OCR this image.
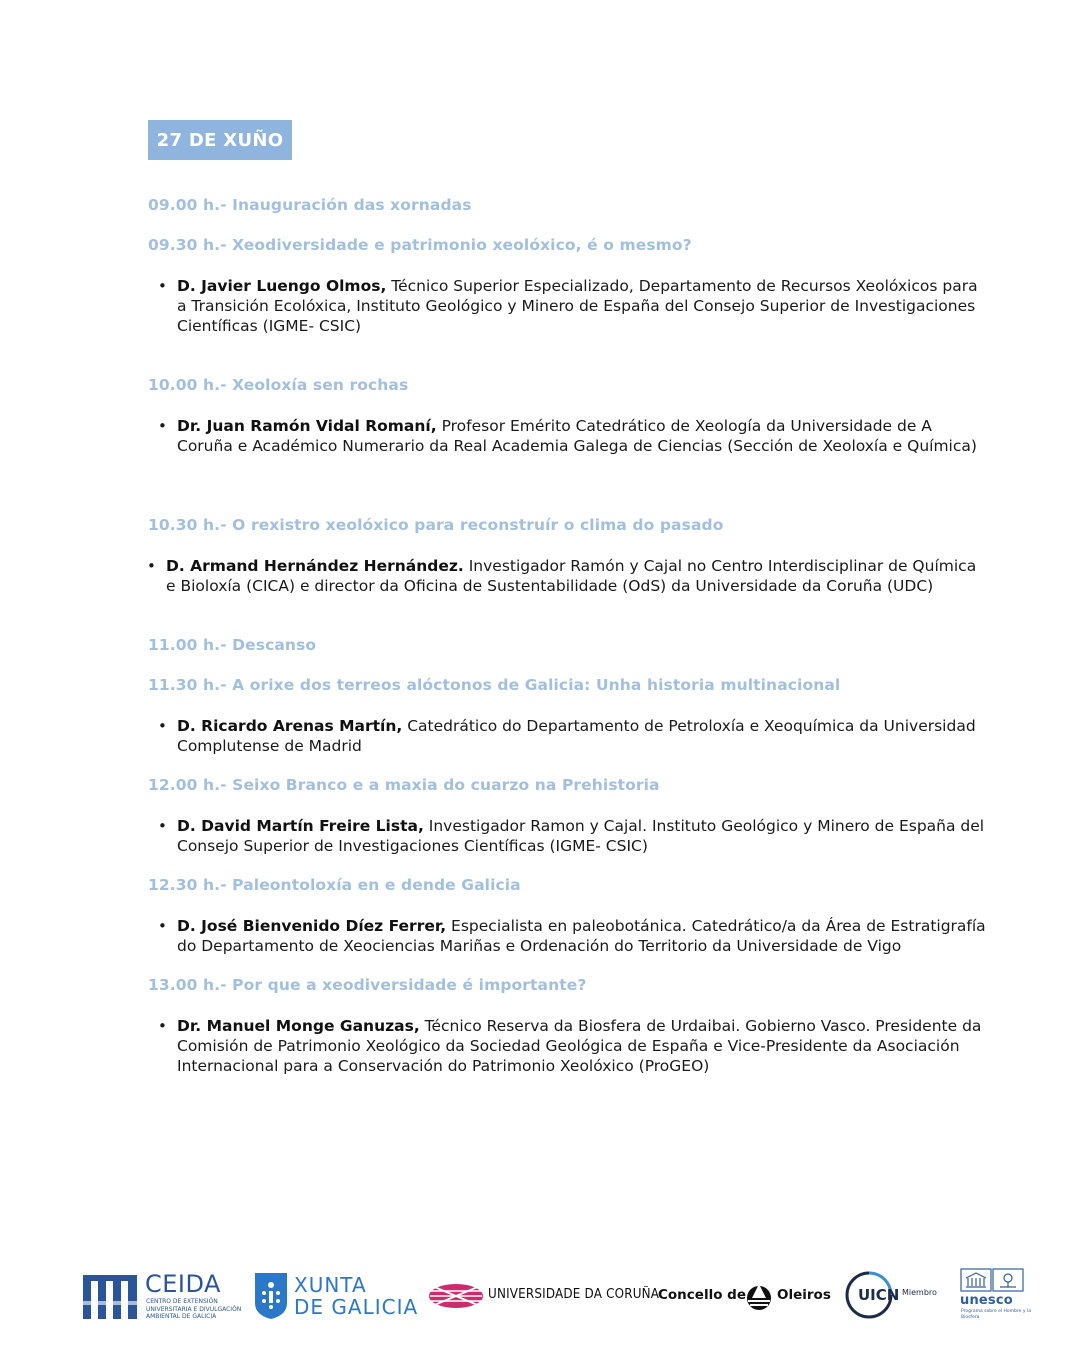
27 DE XUÑO
09.00 h.- Inauguración das xornadas
09.30 h.- Xeodiversidade e patrimonio xeolóxico, é o mesmo?
• D. Javier Luengo Olmos, Técnico Superior Especializado, Departamento de Recursos Xeolóxicos para a Transición Ecolóxica, Instituto Geológico y Minero de España del Consejo Superior de Investigaciones Científicas (IGME- CSIC)
10.00 h.- Xeoloxía sen rochas
• Dr. Juan Ramón Vidal Romaní, Profesor Emérito Catedrático de Xeología da Universidade de A Coruña e Académico Numerario da Real Academia Galega de Ciencias (Sección de Xeoloxía e Química)
10.30 h.- O rexistro xeolóxico para reconstruír o clima do pasado
• D. Armand Hernández Hernández. Investigador Ramón y Cajal no Centro Interdisciplinar de Química e Bioloxía (CICA) e director da Oficina de Sustentabilidade (OdS) da Universidade da Coruña (UDC)
11.00 h.- Descanso
11.30 h.- A orixe dos terreos alóctonos de Galicia: Unha historia multinacional
• D. Ricardo Arenas Martín, Catedrático do Departamento de Petroloxía e Xeoquímica da Universidad Complutense de Madrid
12.00 h.- Seixo Branco e a maxia do cuarzo na Prehistoria
• D. David Martín Freire Lista, Investigador Ramon y Cajal. Instituto Geológico y Minero de España del Consejo Superior de Investigaciones Científicas (IGME- CSIC)
12.30 h.- Paleontoloxía en e dende Galicia
• D. José Bienvenido Díez Ferrer, Especialista en paleobotánica. Catedrático/a da Área de Estratigrafía do Departamento de Xeociencias Mariñas e Ordenación do Territorio da Universidade de Vigo
13.00 h.- Por que a xeodiversidade é importante?
• Dr. Manuel Monge Ganuzas, Técnico Reserva da Biosfera de Urdaibai. Gobierno Vasco. Presidente da Comisión de Patrimonio Xeológico da Sociedad Geológica de España e Vice-Presidente da Asociación Internacional para a Conservación do Patrimonio Xeolóxico (ProGEO)
CEIDA
CENTRO DE EXTENSIÓN UNIVERSITARIA E DIVULGACIÓN AMBIENTAL DE GALICIA
XUNTA
DE GALICIA
UNIVERSIDADE DA CORUÑA
Concello de Oleiros UICN Miembro
unesco
Programa sobre el Hombre y la Biosfera
